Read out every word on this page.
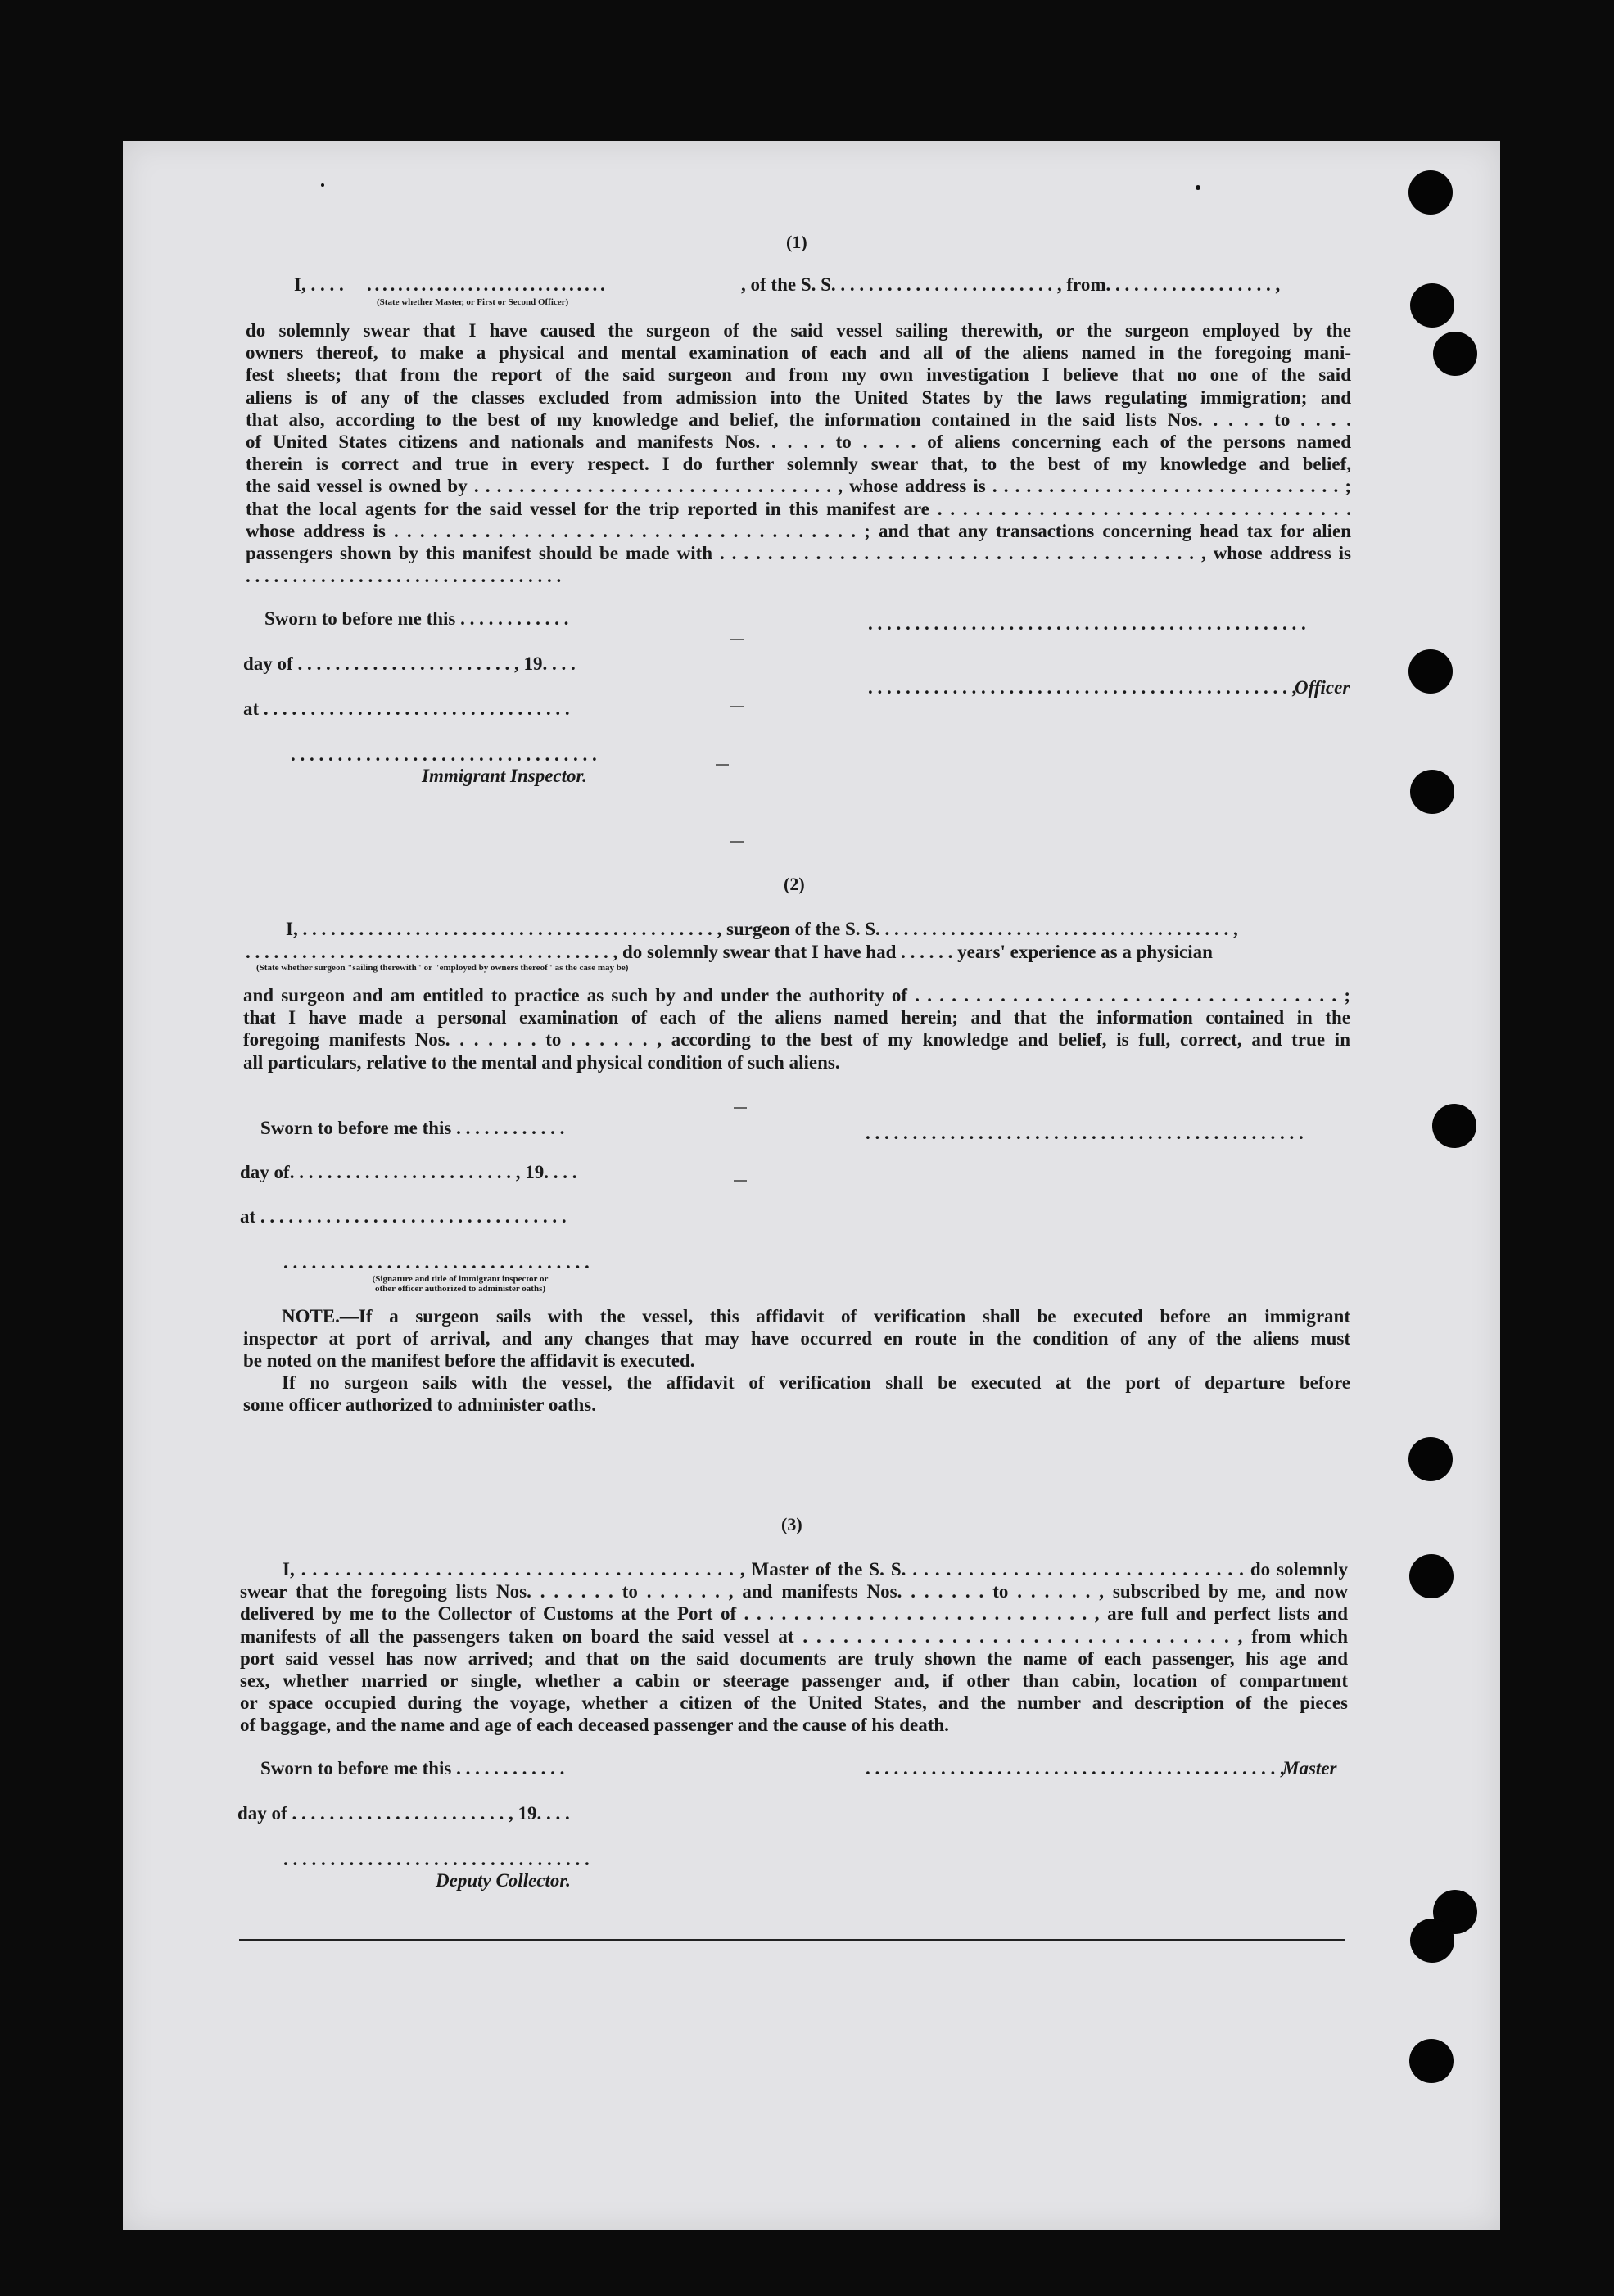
(1)
I, . . . . . . . . . . . . . . . . . . . . . . . . . . . . . . . . . . .	, of the S. S. . . . . . . . . . . . . . . . . . . . . . . . , from. . . . . . . . . . . . . . . . . . ,
(State whether Master, or First or Second Officer)
do solemnly swear that I have caused the surgeon of the said vessel sailing therewith, or the surgeon employed by the
owners thereof, to make a physical and mental examination of each and all of the aliens named in the foregoing mani-
fest sheets; that from the report of the said surgeon and from my own investigation I believe that no one of the said
aliens is of any of the classes excluded from admission into the United States by the laws regulating immigration; and
that also, according to the best of my knowledge and belief, the information contained in the said lists Nos. . . . . to . . . .
of United States citizens and nationals and manifests Nos. . . . . to . . . . of aliens concerning each of the persons named
therein is correct and true in every respect. I do further solemnly swear that, to the best of my knowledge and belief,
the said vessel is owned by . . . . . . . . . . . . . . . . . . . . . . . . . . . . . . . . , whose address is . . . . . . . . . . . . . . . . . . . . . . . . . . . . . . . ;
that the local agents for the said vessel for the trip reported in this manifest are . . . . . . . . . . . . . . . . . . . . . . . . . . . . . . . . .
whose address is . . . . . . . . . . . . . . . . . . . . . . . . . . . . . . . . . . . . ; and that any transactions concerning head tax for alien
passengers shown by this manifest should be made with . . . . . . . . . . . . . . . . . . . . . . . . . . . . . . . . . . . . . . . . , whose address is
. . . . . . . . . . . . . . . . . . . . . . . . . . . . . . . . . .
Sworn to before me this . . . . . . . . . . . .	. . . . . . . . . . . . . . . . . . . . . . . . . . . . . . . . . . . . . . . . . . . . . . .
day of . . . . . . . . . . . . . . . . . . . . . . . , 19. . . .
. . . . . . . . . . . . . . . . . . . . . . . . . . . . . . . . . . . . . . . . . . . . . ,
Officer
at . . . . . . . . . . . . . . . . . . . . . . . . . . . . . . . . .
. . . . . . . . . . . . . . . . . . . . . . . . . . . . . . . . .
Immigrant Inspector.
(2)
I, . . . . . . . . . . . . . . . . . . . . . . . . . . . . . . . . . . . . . . . . . . . . , surgeon of the S. S. . . . . . . . . . . . . . . . . . . . . . . . . . . . . . . . . . . . . . ,
. . . . . . . . . . . . . . . . . . . . . . . . . . . . . . . . . . . . . . . , do solemnly swear that I have had . . . . . . years' experience as a physician
(State whether surgeon "sailing therewith" or "employed by owners thereof" as the case may be)
and surgeon and am entitled to practice as such by and under the authority of . . . . . . . . . . . . . . . . . . . . . . . . . . . . . . . . . . . ;
that I have made a personal examination of each of the aliens named herein; and that the information contained in the
foregoing manifests Nos. . . . . . . to . . . . . . , according to the best of my knowledge and belief, is full, correct, and true in
all particulars, relative to the mental and physical condition of such aliens.
Sworn to before me this . . . . . . . . . . . .	. . . . . . . . . . . . . . . . . . . . . . . . . . . . . . . . . . . . . . . . . . . . . . .
day of. . . . . . . . . . . . . . . . . . . . . . . . , 19. . . .
at . . . . . . . . . . . . . . . . . . . . . . . . . . . . . . . . .
. . . . . . . . . . . . . . . . . . . . . . . . . . . . . . . . .
(Signature and title of immigrant inspector or
other officer authorized to administer oaths)
NOTE.—If a surgeon sails with the vessel, this affidavit of verification shall be executed before an immigrant
inspector at port of arrival, and any changes that may have occurred en route in the condition of any of the aliens must
be noted on the manifest before the affidavit is executed.
If no surgeon sails with the vessel, the affidavit of verification shall be executed at the port of departure before
some officer authorized to administer oaths.
(3)
I, . . . . . . . . . . . . . . . . . . . . . . . . . . . . . . . . . . . . . . . , Master of the S. S. . . . . . . . . . . . . . . . . . . . . . . . . . . . . . . do solemnly
swear that the foregoing lists Nos. . . . . . . to . . . . . . , and manifests Nos. . . . . . . to . . . . . . , subscribed by me, and now
delivered by me to the Collector of Customs at the Port of . . . . . . . . . . . . . . . . . . . . . . . . . . . . , are full and perfect lists and
manifests of all the passengers taken on board the said vessel at . . . . . . . . . . . . . . . . . . . . . . . . . . . . . . . . , from which
port said vessel has now arrived; and that on the said documents are truly shown the name of each passenger, his age and
sex, whether married or single, whether a cabin or steerage passenger and, if other than cabin, location of compartment
or space occupied during the voyage, whether a citizen of the United States, and the number and description of the pieces
of baggage, and the name and age of each deceased passenger and the cause of his death.
Sworn to before me this . . . . . . . . . . . .	. . . . . . . . . . . . . . . . . . . . . . . . . . . . . . . . . . . . . . . . . . . . ,
Master
day of . . . . . . . . . . . . . . . . . . . . . . . , 19. . . .
. . . . . . . . . . . . . . . . . . . . . . . . . . . . . . . . .
Deputy Collector.
